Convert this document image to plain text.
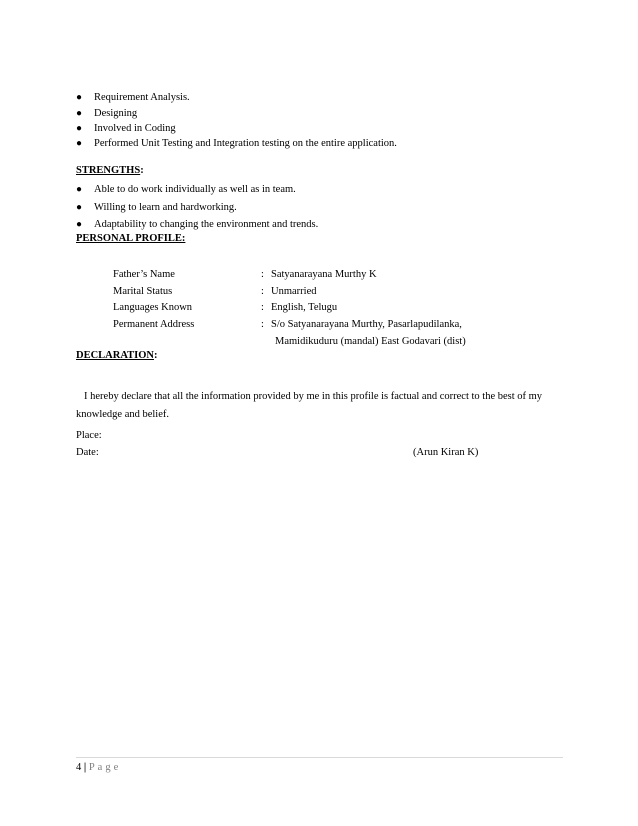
● Requirement Analysis.
● Designing
● Involved in Coding
● Performed Unit Testing and Integration testing on the entire application.
STRENGTHS:
● Able to do work individually as well as in team.
● Willing to learn and hardworking.
● Adaptability to changing the environment and trends.
PERSONAL PROFILE:
Father’s Name	: Satyanarayana Murthy K
Marital Status	: Unmarried
Languages Known	: English, Telugu
Permanent Address	: S/o Satyanarayana Murthy, Pasarlapudilanka,
Mamidikuduru (mandal) East Godavari (dist)
DECLARATION:
I hereby declare that all the information provided by me in this profile is factual and correct to the best of my knowledge and belief.
Place:
Date:	(Arun Kiran K)
4 | Page
